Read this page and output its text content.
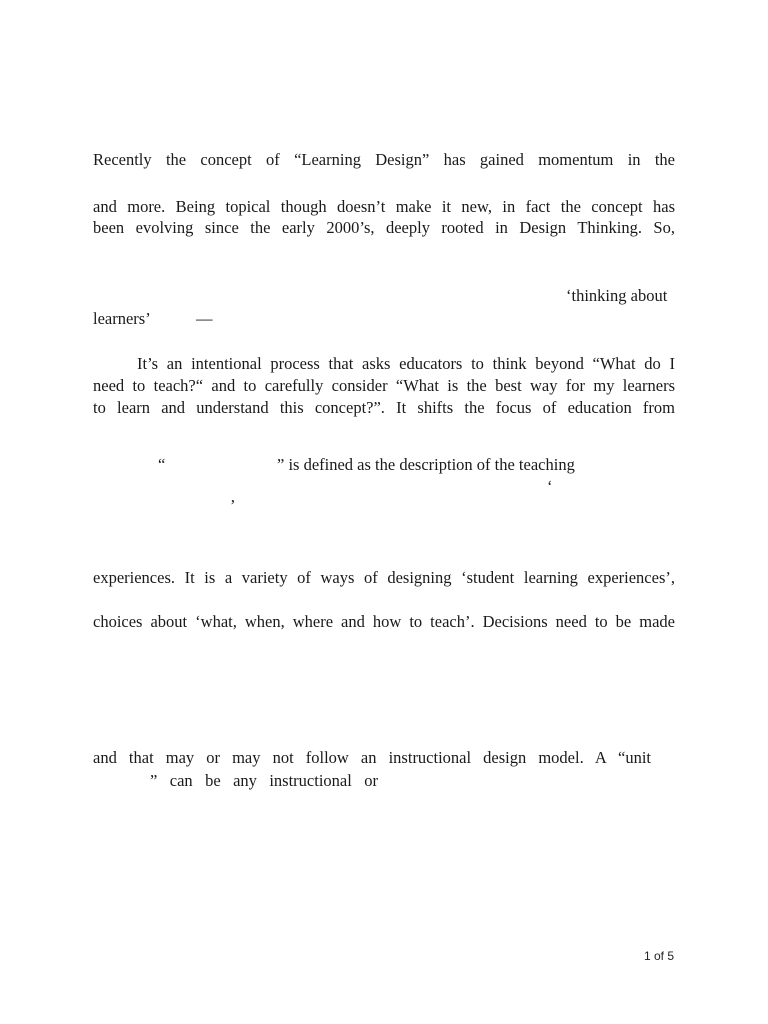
Recently the concept of “Learning Design” has gained momentum in the
and more. Being topical though doesn’t make it new, in fact the concept has
been evolving since the early 2000’s, deeply rooted in Design Thinking. So,
‘thinking about
learners’	—
It’s an intentional process that asks educators to think beyond “What do I
need to teach?“ and to carefully consider “What is the best way for my learners
to learn and understand this concept?”. It shifts the focus of education from
“	” is defined as the description of the teaching
‘
’
experiences. It is a variety of ways of designing ‘student learning experiences’,
choices about ‘what, when, where and how to teach’. Decisions need to be made
and that may or may not follow an instructional design model. A “unit
” can be any instructional or
1 of 5
